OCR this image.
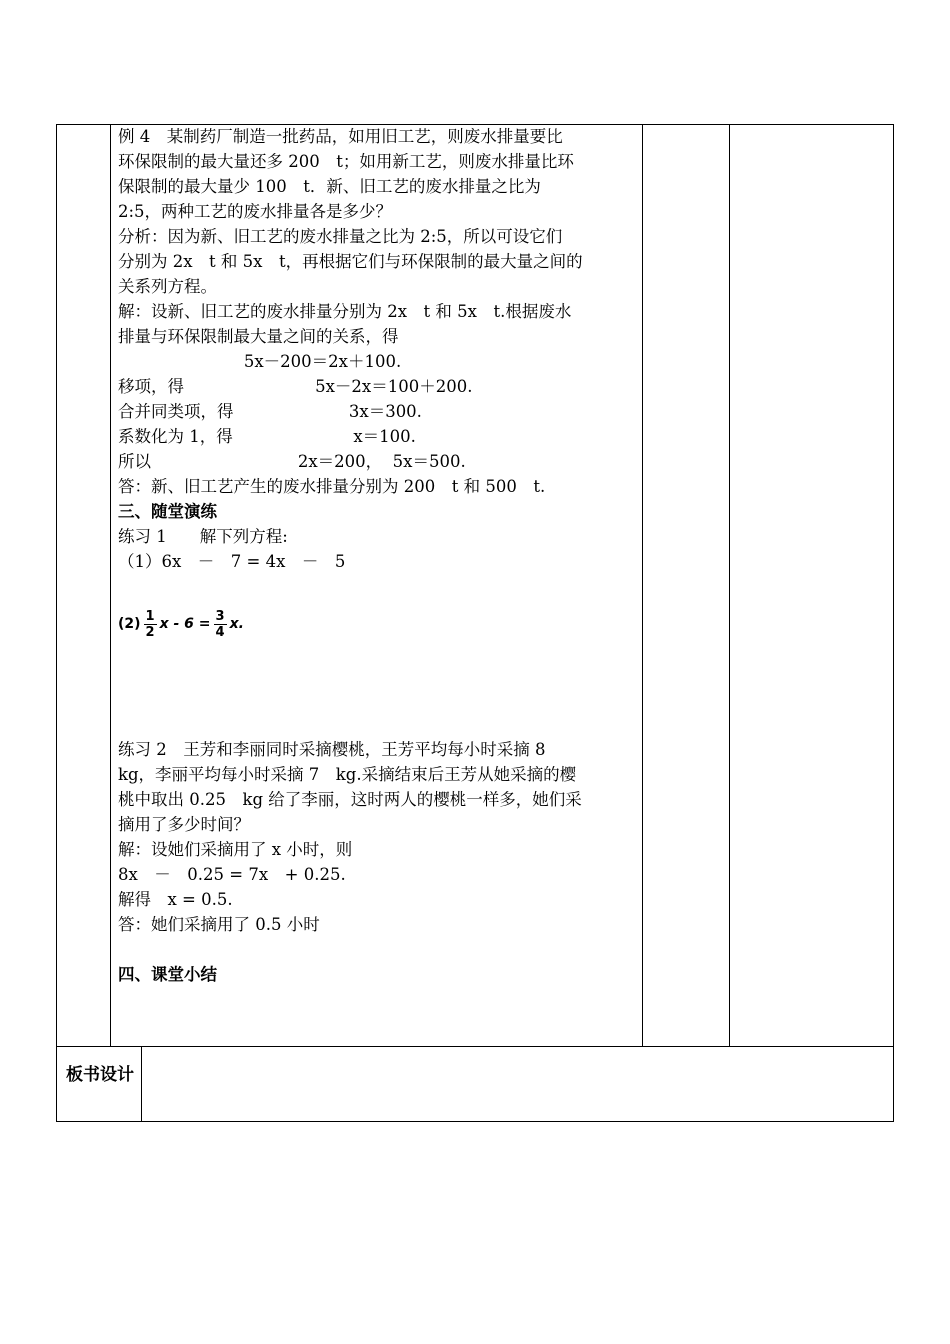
例 4　某制药厂制造一批药品，如用旧工艺，则废水排量要比
环保限制的最大量还多 200　t；如用新工艺，则废水排量比环
保限制的最大量少 100　t．新、旧工艺的废水排量之比为
2:5，两种工艺的废水排量各是多少？
分析：因为新、旧工艺的废水排量之比为 2:5，所以可设它们
分别为 2x　t 和 5x　t，再根据它们与环保限制的最大量之间的
关系列方程。
解：设新、旧工艺的废水排量分别为 2x　t 和 5x　t.根据废水
排量与环保限制最大量之间的关系，得
5x－200＝2x＋100.
移项，得                         5x－2x＝100＋200.
合并同类项，得                      3x＝300.
系数化为 1，得                       x＝100.
所以                            2x＝200，  5x＝500.
答：新、旧工艺产生的废水排量分别为 200　t 和 500　t.
三、随堂演练
练习 1　　解下列方程:
（1）6x　－　7 = 4x　－　5
$(2) \frac{1}{2}$ $x - 6 = \frac{3}{4} x$.
练习 2　王芳和李丽同时采摘樱桃，王芳平均每小时采摘 8
kg，李丽平均每小时采摘 7　kg.采摘结束后王芳从她采摘的樱
桃中取出 0.25　kg 给了李丽，这时两人的樱桃一样多，她们采
摘用了多少时间？
解：设她们采摘用了 x 小时，则
8x　－　0.25 = 7x　+ 0.25.
解得　x = 0.5.
答：她们采摘用了 0.5 小时
四、课堂小结
板书设计
